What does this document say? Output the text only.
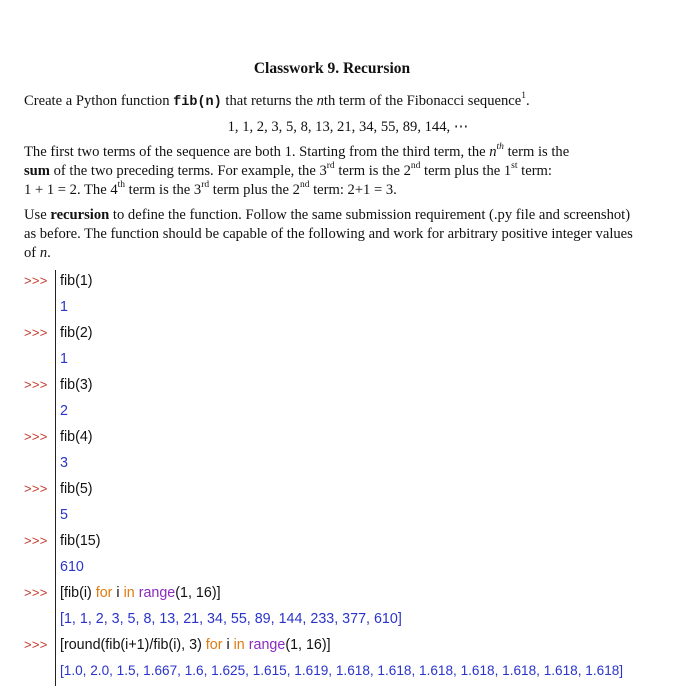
Classwork 9. Recursion
Create a Python function fib(n) that returns the nth term of the Fibonacci sequence$^1$.
1, 1, 2, 3, 5, 8, 13, 21, 34, 55, 89, 144, ⋯
The first two terms of the sequence are both 1. Starting from the third term, the $n^{th}$ term is the
sum of the two preceding terms. For example, the 3rd term is the 2nd term plus the 1st term:
1 + 1 = 2. The 4th term is the 3rd term plus the 2nd term: 2+1 = 3.
Use recursion to define the function. Follow the same submission requirement (.py file and screenshot) as before. The function should be capable of the following and work for arbitrary positive integer values of n.
>>> fib(1)
1
>>> fib(2)
1
>>> fib(3)
2
>>> fib(4)
3
>>> fib(5)
5
>>> fib(15)
610
>>> [fib(i) for i in range(1, 16)]
[1, 1, 2, 3, 5, 8, 13, 21, 34, 55, 89, 144, 233, 377, 610]
>>> [round(fib(i+1)/fib(i), 3) for i in range(1, 16)]
[1.0, 2.0, 1.5, 1.667, 1.6, 1.625, 1.615, 1.619, 1.618, 1.618, 1.618, 1.618, 1.618, 1.618, 1.618]
